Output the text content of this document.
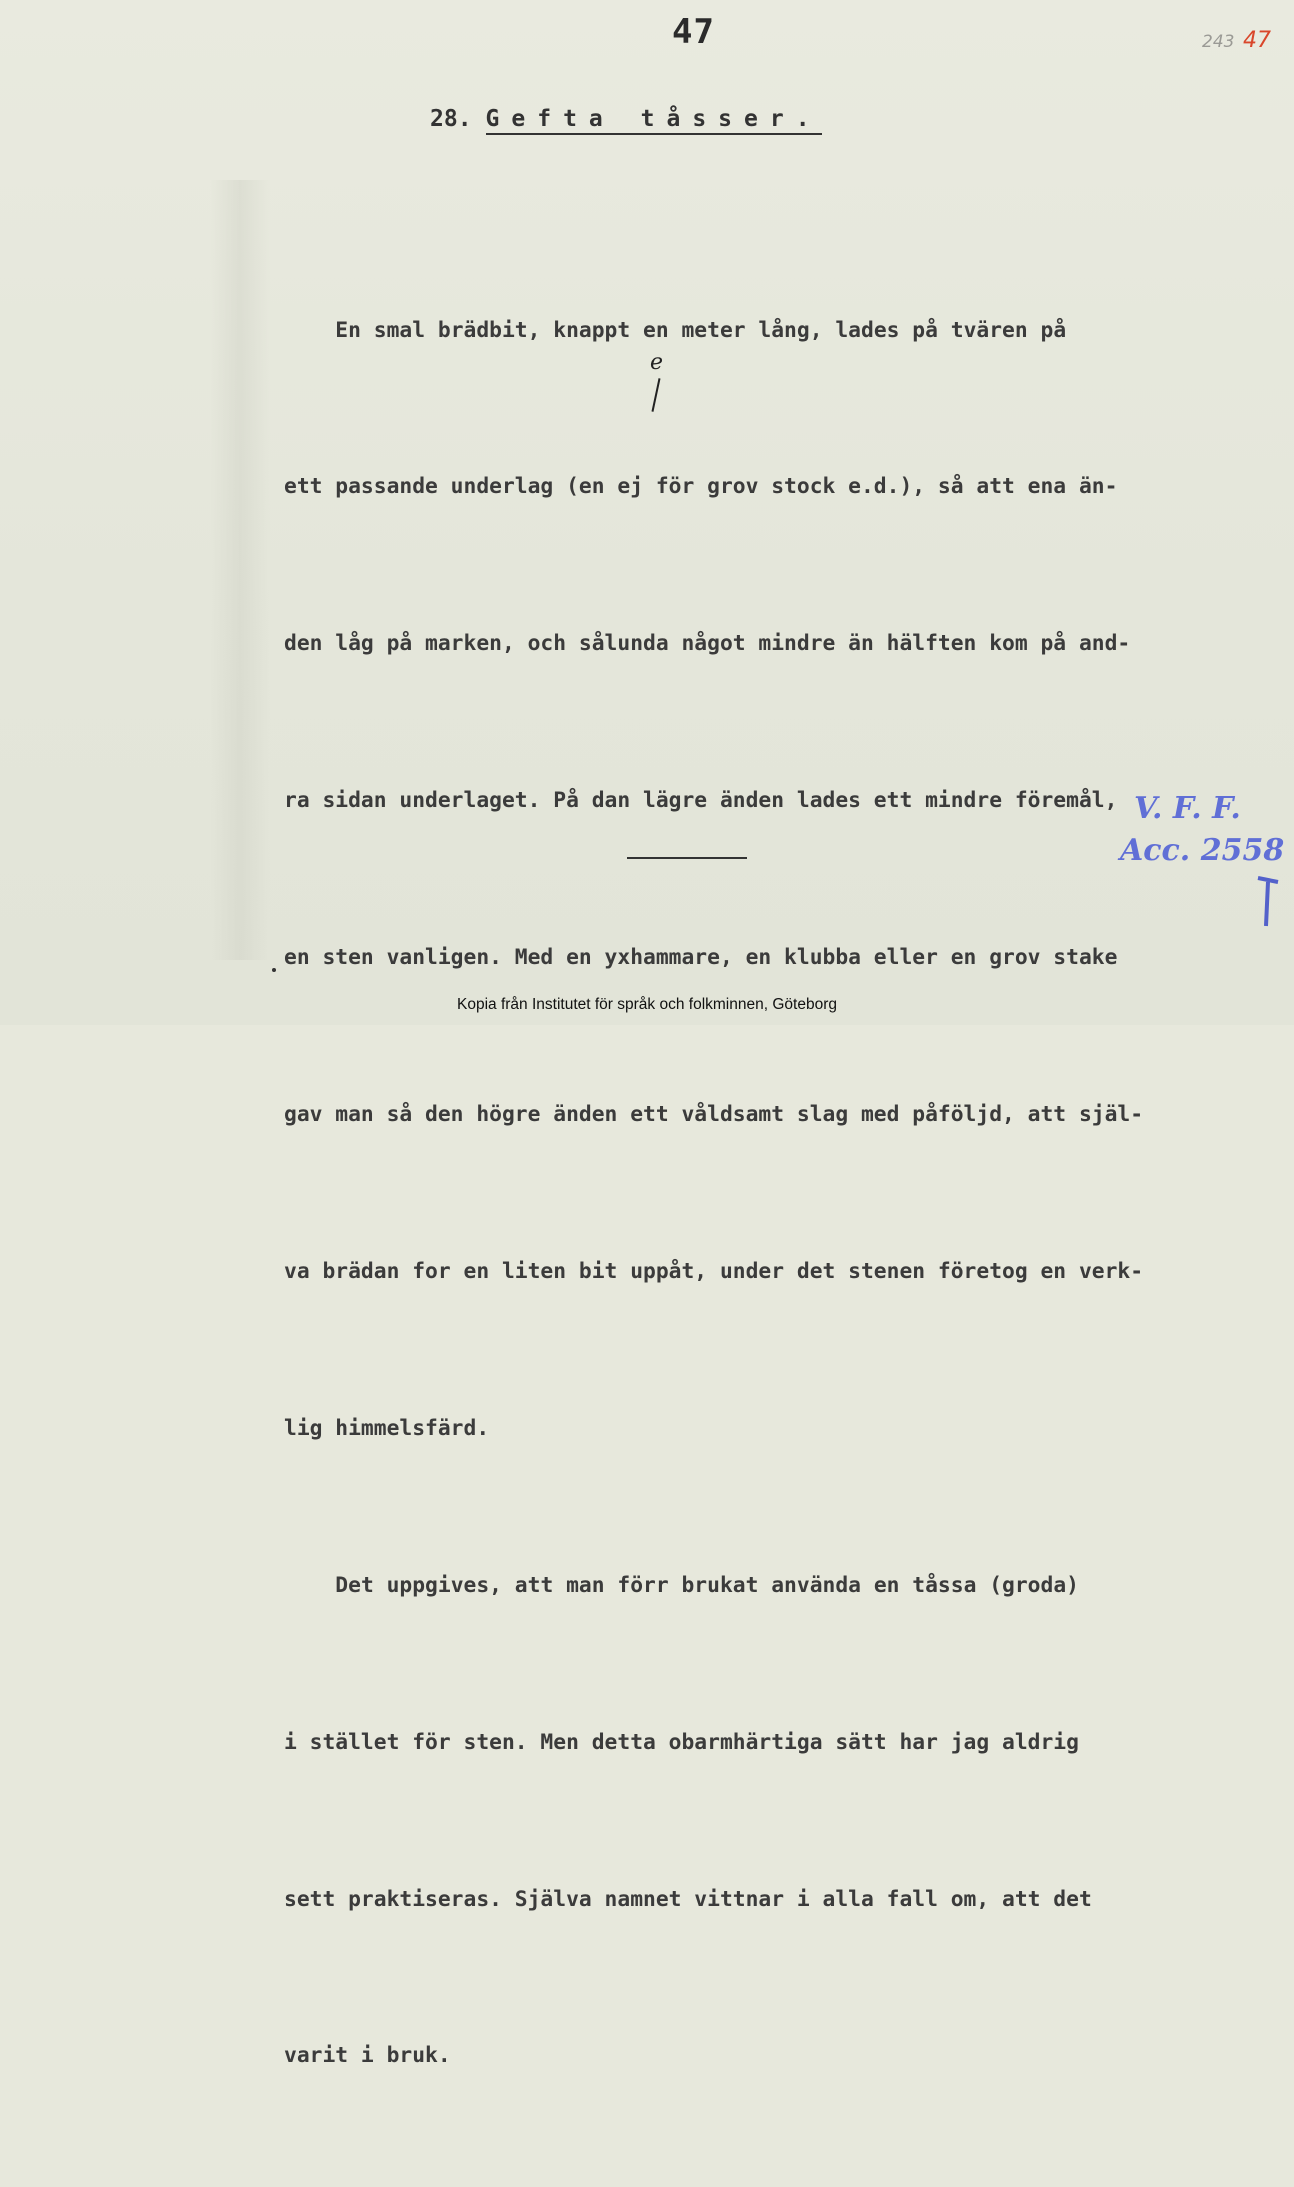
47	243 47
28. Gefta tåsser.

En smal brädbit, knappt en meter lång, lades på tvären på

ett passande underlag (en ej för grov stock e.d.), så att ena än-

den låg på marken, och sålunda något mindre än hälften kom på and-

ra sidan underlaget. På dan lägre änden lades ett mindre föremål,

en sten vanligen. Med en yxhammare, en klubba eller en grov stake

gav man så den högre änden ett våldsamt slag med påföljd, att själ-

va brädan for en liten bit uppåt, under det stenen företog en verk-

lig himmelsfärd.

Det uppgives, att man förr brukat använda en tåssa (groda)

i stället för sten. Men detta obarmhärtiga sätt har jag aldrig

sett praktiseras. Själva namnet vittnar i alla fall om, att det

varit i bruk.

e
V. F. F.
Acc. 2558
Kopia från Institutet för språk och folkminnen, Göteborg
